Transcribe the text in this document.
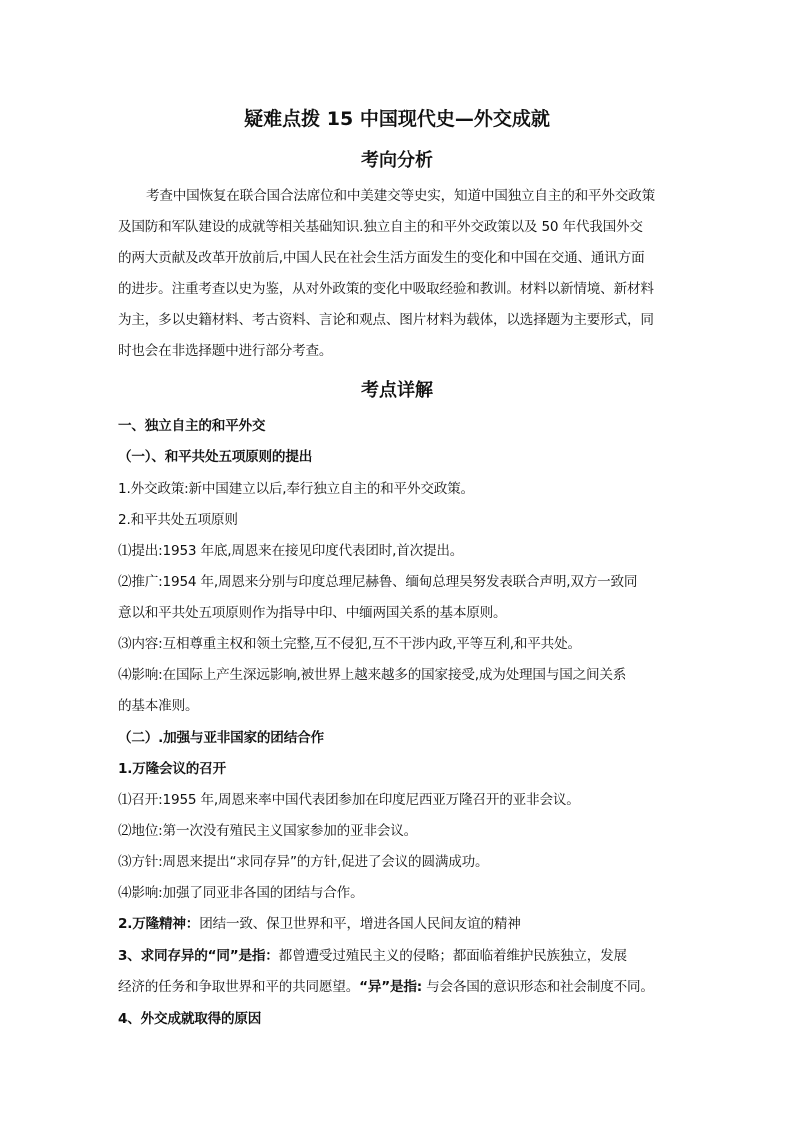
疑难点拨 15 中国现代史—外交成就
考向分析
考查中国恢复在联合国合法席位和中美建交等史实，知道中国独立自主的和平外交政策
及国防和军队建设的成就等相关基础知识.独立自主的和平外交政策以及 50 年代我国外交
的两大贡献及改革开放前后,中国人民在社会生活方面发生的变化和中国在交通、通讯方面
的进步。注重考查以史为鉴，从对外政策的变化中吸取经验和教训。材料以新情境、新材料
为主，多以史籍材料、考古资料、言论和观点、图片材料为载体，以选择题为主要形式，同
时也会在非选择题中进行部分考查。
考点详解
一、独立自主的和平外交
（一）、和平共处五项原则的提出
1.外交政策:新中国建立以后,奉行独立自主的和平外交政策。
2.和平共处五项原则
⑴提出:1953 年底,周恩来在接见印度代表团时,首次提出。
⑵推广:1954 年,周恩来分别与印度总理尼赫鲁、缅甸总理吴努发表联合声明,双方一致同
意以和平共处五项原则作为指导中印、中缅两国关系的基本原则。
⑶内容:互相尊重主权和领土完整,互不侵犯,互不干涉内政,平等互利,和平共处。
⑷影响:在国际上产生深远影响,被世界上越来越多的国家接受,成为处理国与国之间关系
的基本准则。
（二）.加强与亚非国家的团结合作
1.万隆会议的召开
⑴召开:1955 年,周恩来率中国代表团参加在印度尼西亚万隆召开的亚非会议。
⑵地位:第一次没有殖民主义国家参加的亚非会议。
⑶方针:周恩来提出“求同存异”的方针,促进了会议的圆满成功。
⑷影响:加强了同亚非各国的团结与合作。
2.万隆精神：团结一致、保卫世界和平，增进各国人民间友谊的精神
3、求同存异的“同”是指：都曾遭受过殖民主义的侵略；都面临着维护民族独立，发展
经济的任务和争取世界和平的共同愿望。“异”是指: 与会各国的意识形态和社会制度不同。
4、外交成就取得的原因
